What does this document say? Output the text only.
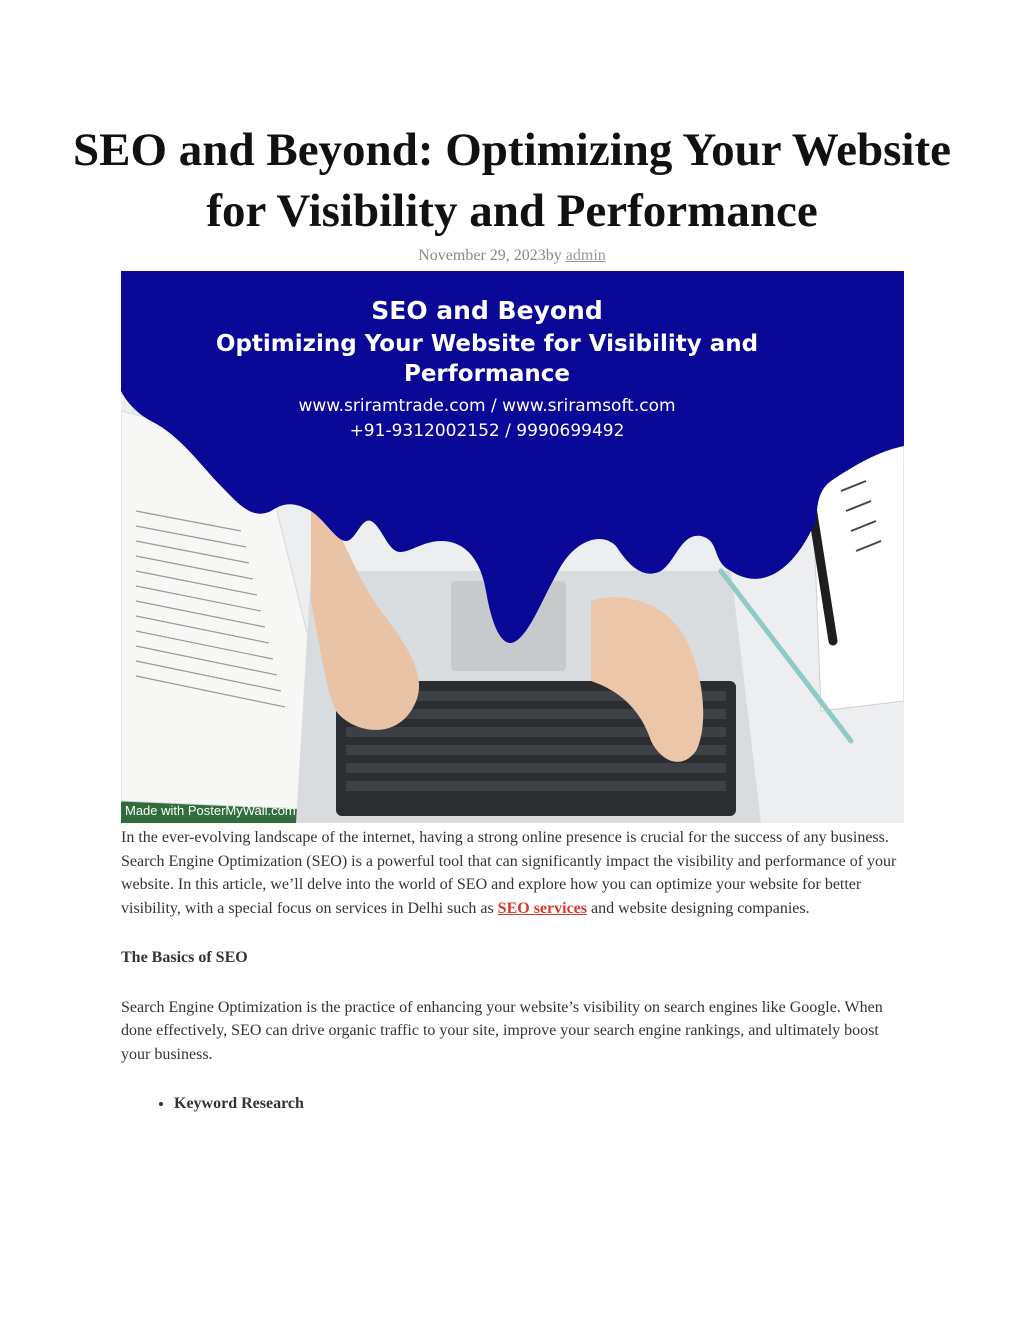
SEO and Beyond: Optimizing Your Website for Visibility and Performance
November 29, 2023by admin
SEO and Beyond
Optimizing Your Website for Visibility and
Performance
www.sriramtrade.com / www.sriramsoft.com
+91-9312002152 / 9990699492
Made with PosterMyWall.com

In the ever-evolving landscape of the internet, having a strong online presence is crucial for the success of any business. Search Engine Optimization (SEO) is a powerful tool that can significantly impact the visibility and performance of your website. In this article, we’ll delve into the world of SEO and explore how you can optimize your website for better visibility, with a special focus on services in Delhi such as SEO services and website designing companies.

The Basics of SEO

Search Engine Optimization is the practice of enhancing your website’s visibility on search engines like Google. When done effectively, SEO can drive organic traffic to your site, improve your search engine rankings, and ultimately boost your business.

• Keyword Research
